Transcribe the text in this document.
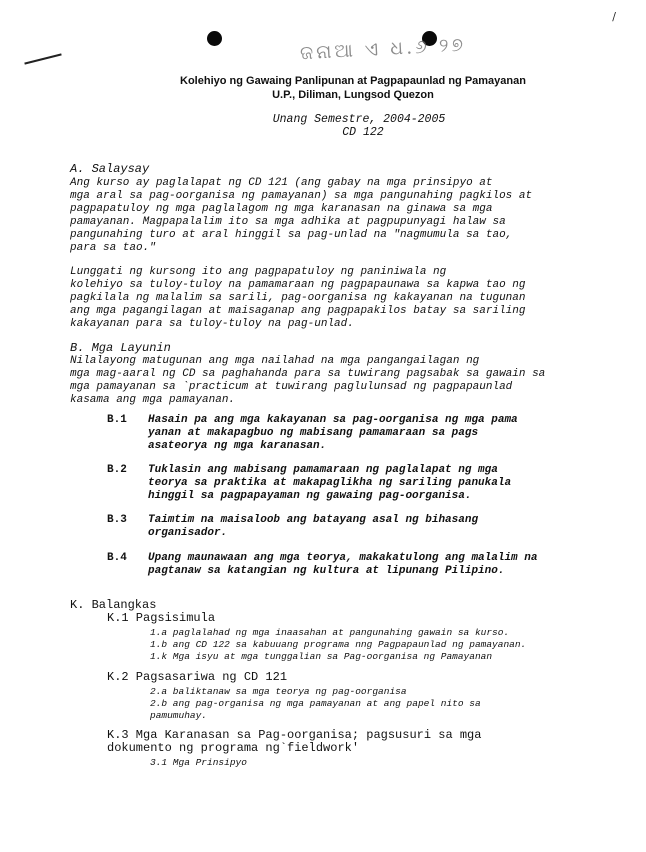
ଜନାଆ ଏ ଧ.୬ ୨୭
/
Kolehiyo ng Gawaing Panlipunan at Pagpapaunlad ng Pamayanan
U.P., Diliman, Lungsod Quezon
Unang Semestre, 2004-2005
CD 122
A. Salaysay
Ang kurso ay paglalapat ng CD 121 (ang gabay na mga prinsipyo at
mga aral sa pag-oorganisa ng pamayanan) sa mga pangunahing pagkilos at
pagpapatuloy ng mga paglalagom ng mga karanasan na ginawa sa mga
pamayanan. Magpapalalim ito sa mga adhika at pagpupunyagi halaw sa
pangunahing turo at aral hinggil sa pag-unlad na "nagmumula sa tao,
para sa tao."
Lunggati ng kursong ito ang pagpapatuloy ng paniniwala ng
kolehiyo sa tuloy-tuloy na pamamaraan ng pagpapaunawa sa kapwa tao ng
pagkilala ng malalim sa sarili, pag-oorganisa ng kakayanan na tugunan
ang mga pagangilagan at maisaganap ang pagpapakilos batay sa sariling
kakayanan para sa tuloy-tuloy na pag-unlad.
B. Mga Layunin
Nilalayong matugunan ang mga nailahad na mga pangangailagan ng
mga mag-aaral ng CD sa paghahanda para sa tuwirang pagsabak sa gawain sa
mga pamayanan sa `practicum at tuwirang paglulunsad ng pagpapaunlad
kasama ang mga pamayanan.
B.1 Hasain pa ang mga kakayanan sa pag-oorganisa ng mga pama
yanan at makapagbuo ng mabisang pamamaraan sa pags
asateorya ng mga karanasan.
B.2 Tuklasin ang mabisang pamamaraan ng paglalapat ng mga
teorya sa praktika at makapaglikha ng sariling panukala
hinggil sa pagpapayaman ng gawaing pag-oorganisa.
B.3 Taimtim na maisaloob ang batayang asal ng bihasang
organisador.
B.4 Upang maunawaan ang mga teorya, makakatulong ang malalim na
pagtanaw sa katangian ng kultura at lipunang Pilipino.
K. Balangkas
K.1 Pagsisimula
1.a paglalahad ng mga inaasahan at pangunahing gawain sa kurso.
1.b ang CD 122 sa kabuuang programa nng Pagpapaunlad ng pamayanan.
1.k Mga isyu at mga tunggalian sa Pag-oorganisa ng Pamayanan
K.2 Pagsasariwa ng CD 121
2.a baliktanaw sa mga teorya ng pag-oorganisa
2.b ang pag-organisa ng mga pamayanan at ang papel nito sa
pamumuhay.
K.3 Mga Karanasan sa Pag-oorganisa; pagsusuri sa mga
dokumento ng programa ng`fieldwork'
3.1 Mga Prinsipyo
